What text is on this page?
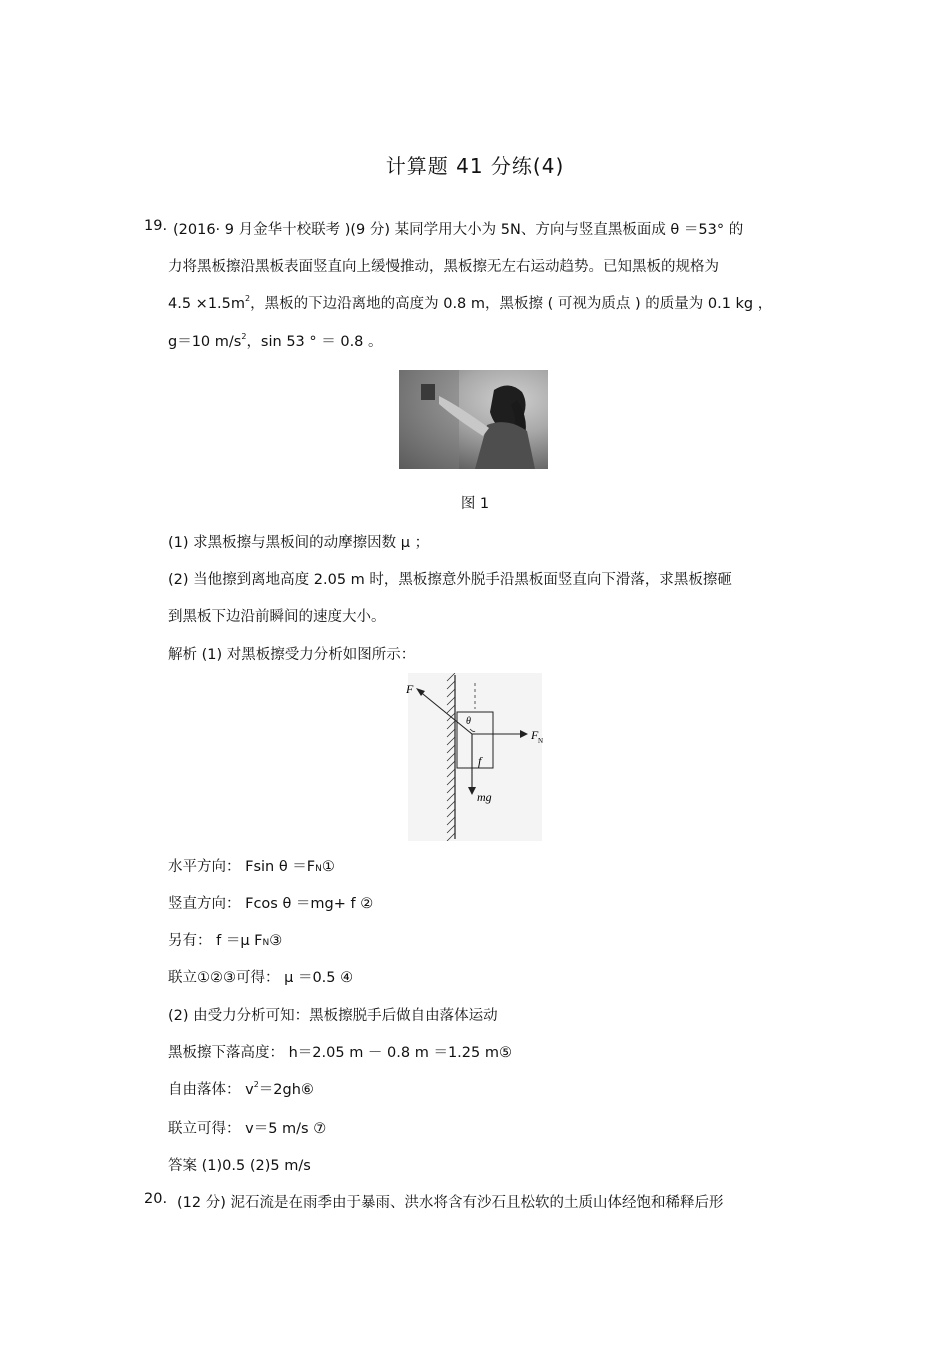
计算题 41 分练(4)
19. (2016· 9 月金华十校联考 )(9 分) 某同学用大小为 5N、方向与竖直黑板面成 θ ＝53° 的
力将黑板擦沿黑板表面竖直向上缓慢推动，黑板擦无左右运动趋势。已知黑板的规格为
$4.5 \times 1.5m^2$，黑板的下边沿离地的高度为 0.8 m，黑板擦 ( 可视为质点 ) 的质量为 0.1 kg ，
g＝10 $m/s^2$，sin 53 ° ＝ 0.8 。
图 1
(1) 求黑板擦与黑板间的动摩擦因数 μ ；
(2) 当他擦到离地高度 2.05 m 时，黑板擦意外脱手沿黑板面竖直向下滑落，求黑板擦砸
到黑板下边沿前瞬间的速度大小。
解析 (1) 对黑板擦受力分析如图所示：
F
θ
F N
f
mg
水平方向： Fsin θ ＝FN①
竖直方向： Fcos θ ＝mg+ f ②
另有： f ＝μ FN③
联立①②③可得： μ ＝0.5 ④
(2) 由受力分析可知：黑板擦脱手后做自由落体运动
黑板擦下落高度： h＝2.05 m － 0.8 m ＝1.25 m⑤
自由落体： $v^2=2gh⑥$
联立可得： v＝5 m/s ⑦
答案 (1)0.5 (2)5 m/s
20. (12 分) 泥石流是在雨季由于暴雨、洪水将含有沙石且松软的土质山体经饱和稀释后形
